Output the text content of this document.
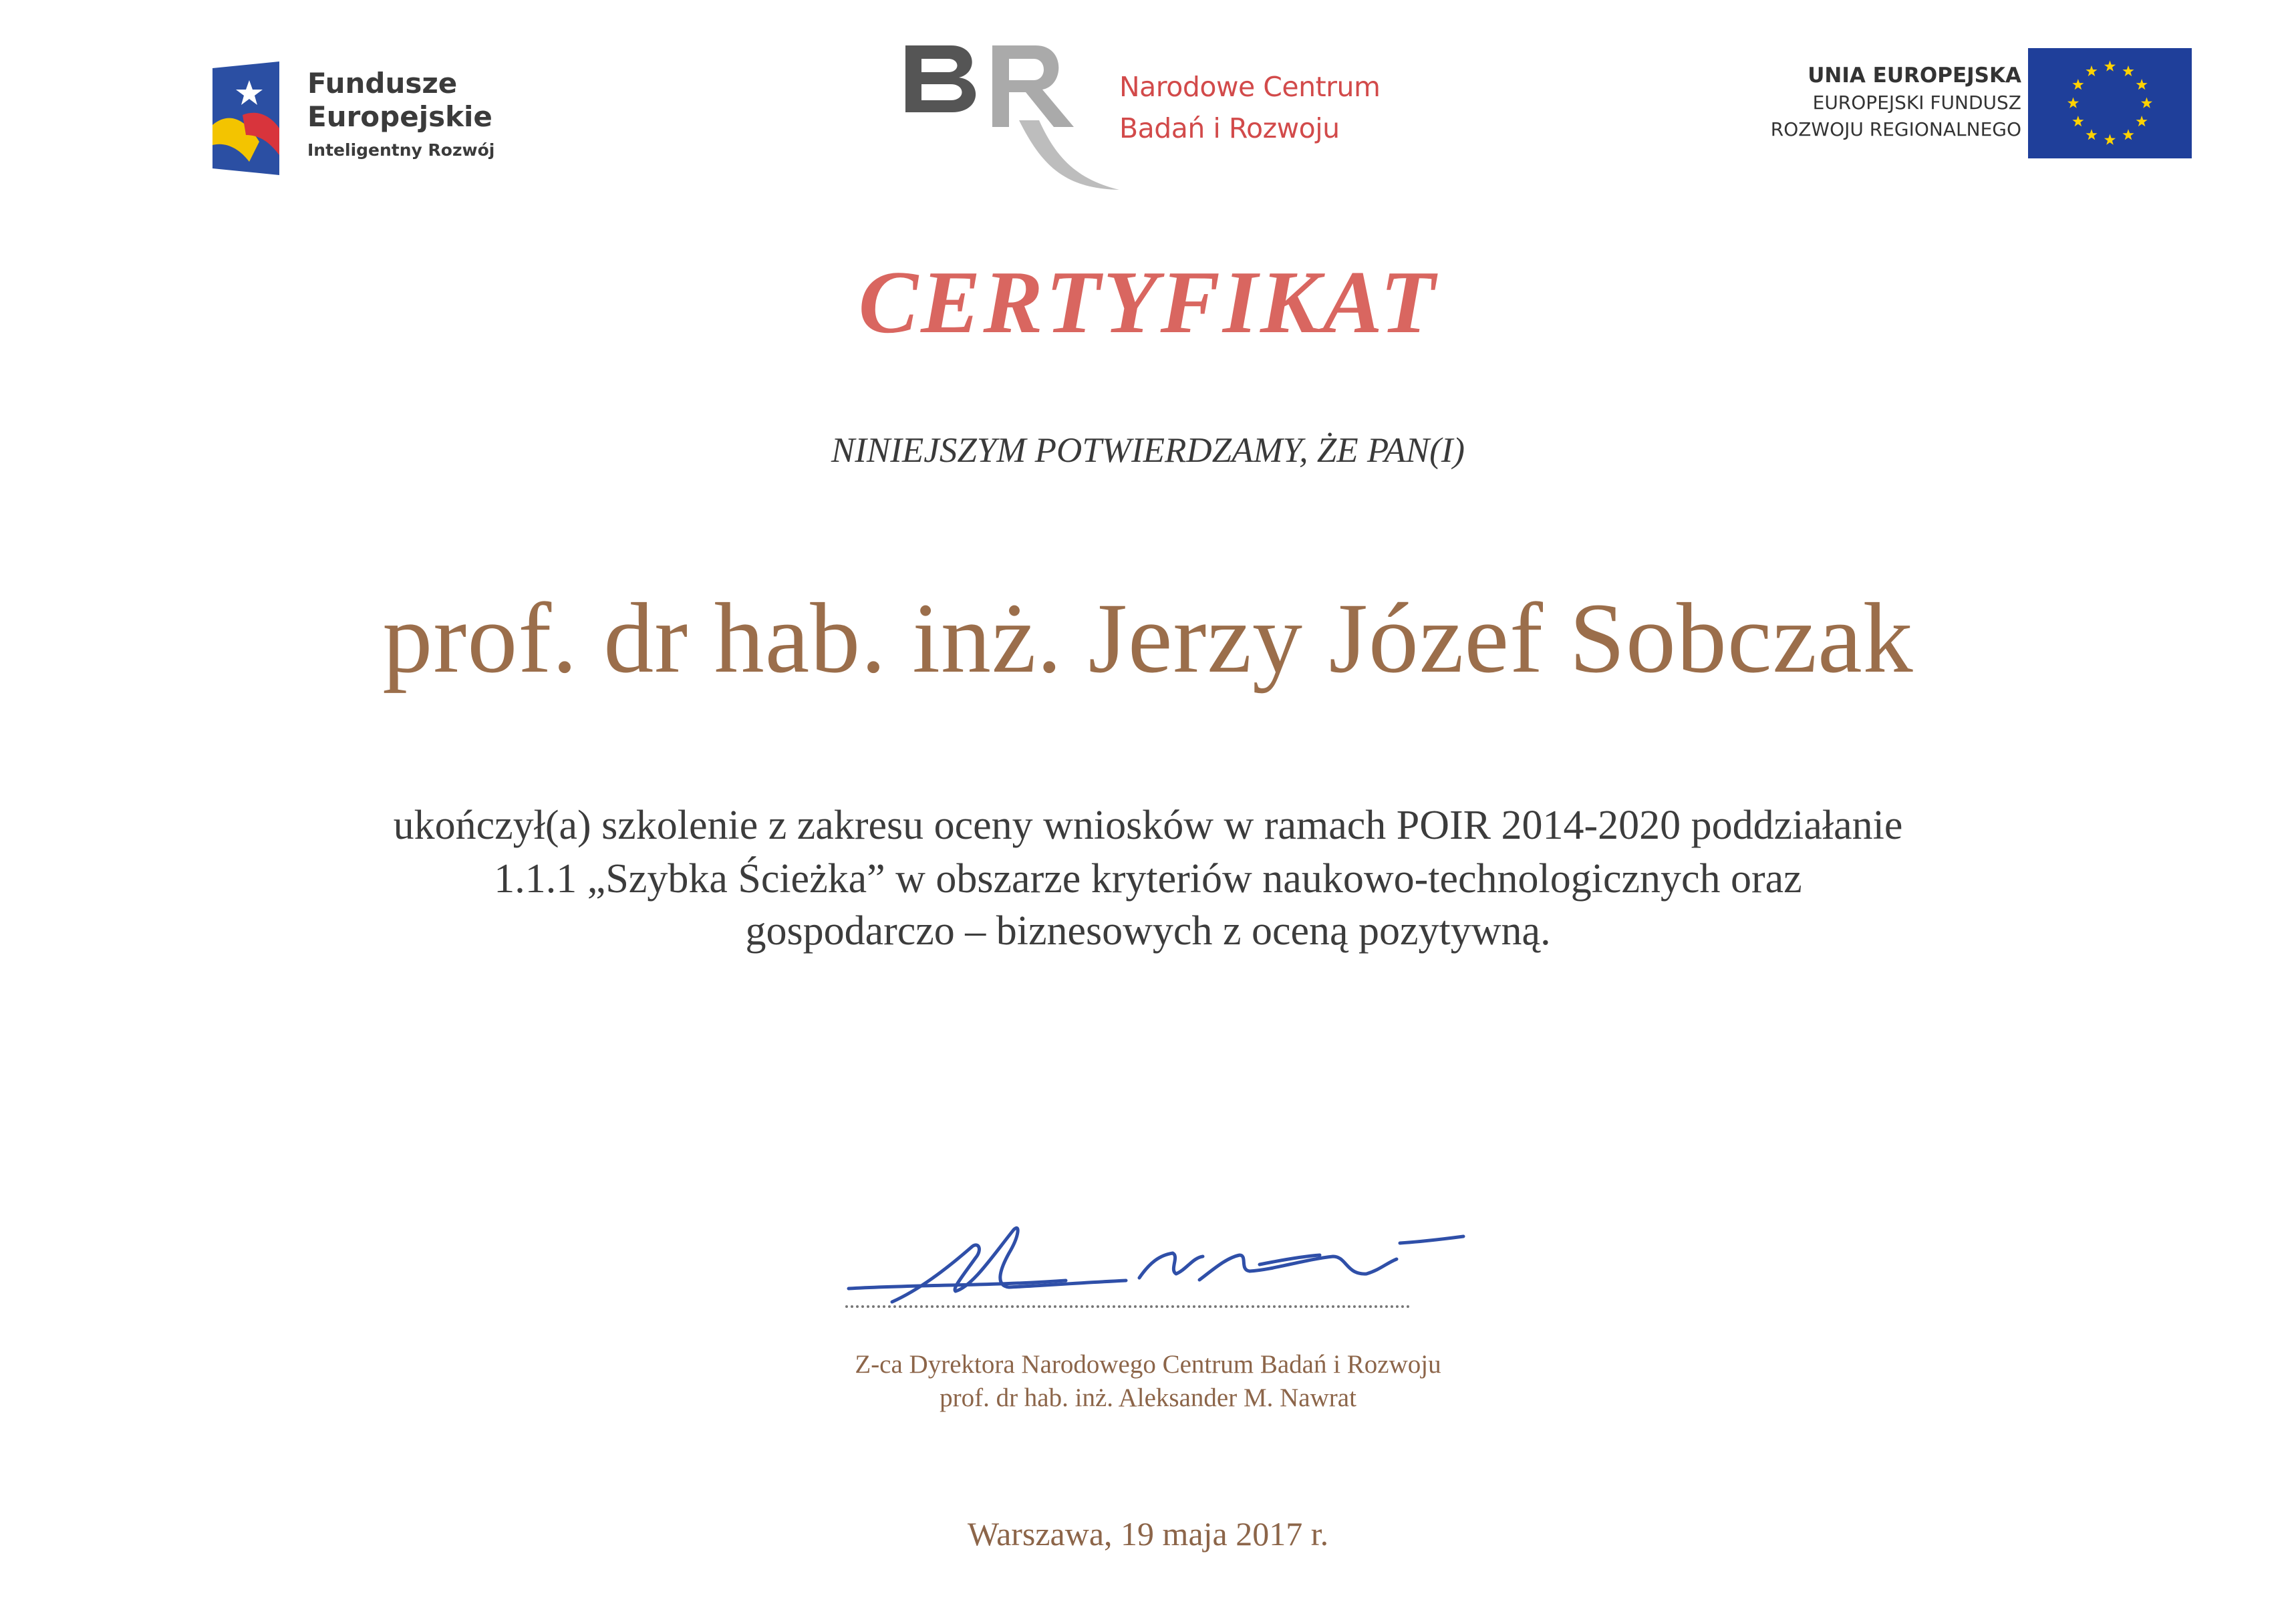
Fundusze
Europejskie
Inteligentny Rozwój
Narodowe Centrum
Badań i Rozwoju
UNIA EUROPEJSKA
EUROPEJSKI FUNDUSZ
ROZWOJU REGIONALNEGO
CERTYFIKAT
NINIEJSZYM POTWIERDZAMY, ŻE PAN(I)
prof. dr hab. inż. Jerzy Józef Sobczak
ukończył(a) szkolenie z zakresu oceny wniosków w ramach POIR 2014-2020 poddziałanie
1.1.1 „Szybka Ścieżka” w obszarze kryteriów naukowo-technologicznych oraz
gospodarczo – biznesowych z oceną pozytywną.
Z-ca Dyrektora Narodowego Centrum Badań i Rozwoju
prof. dr hab. inż. Aleksander M. Nawrat
Warszawa, 19 maja 2017 r.
